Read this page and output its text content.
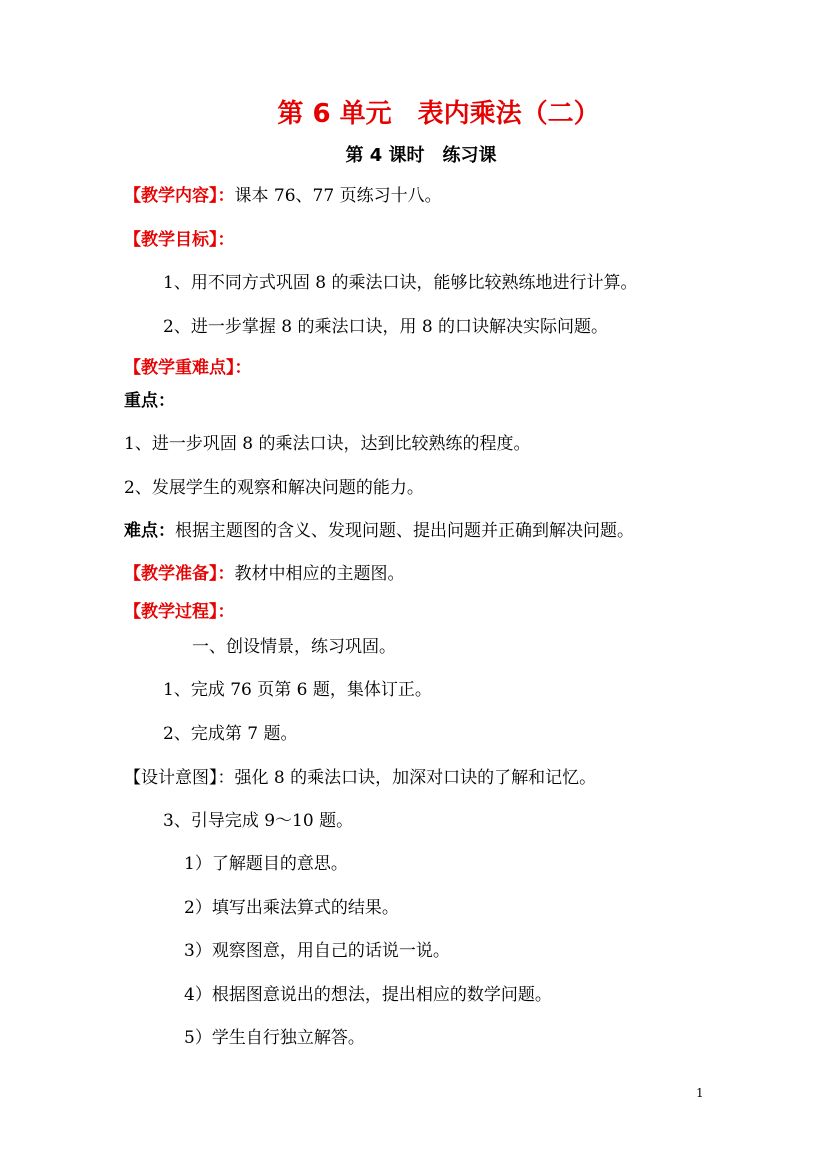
第 6 单元　表内乘法（二）
第 4 课时　练习课
【教学内容】：课本 76、77 页练习十八。
【教学目标】：
1、用不同方式巩固 8 的乘法口诀，能够比较熟练地进行计算。
2、进一步掌握 8 的乘法口诀，用 8 的口诀解决实际问题。
【教学重难点】：
重点：
1、进一步巩固 8 的乘法口诀，达到比较熟练的程度。
2、发展学生的观察和解决问题的能力。
难点：根据主题图的含义、发现问题、提出问题并正确到解决问题。
【教学准备】：教材中相应的主题图。
【教学过程】：
一、创设情景，练习巩固。
1、完成 76 页第 6 题，集体订正。
2、完成第 7 题。
【设计意图】：强化 8 的乘法口诀，加深对口诀的了解和记忆。
3、引导完成 9～10 题。
1）了解题目的意思。
2）填写出乘法算式的结果。
3）观察图意，用自己的话说一说。
4）根据图意说出的想法，提出相应的数学问题。
5）学生自行独立解答。
1
